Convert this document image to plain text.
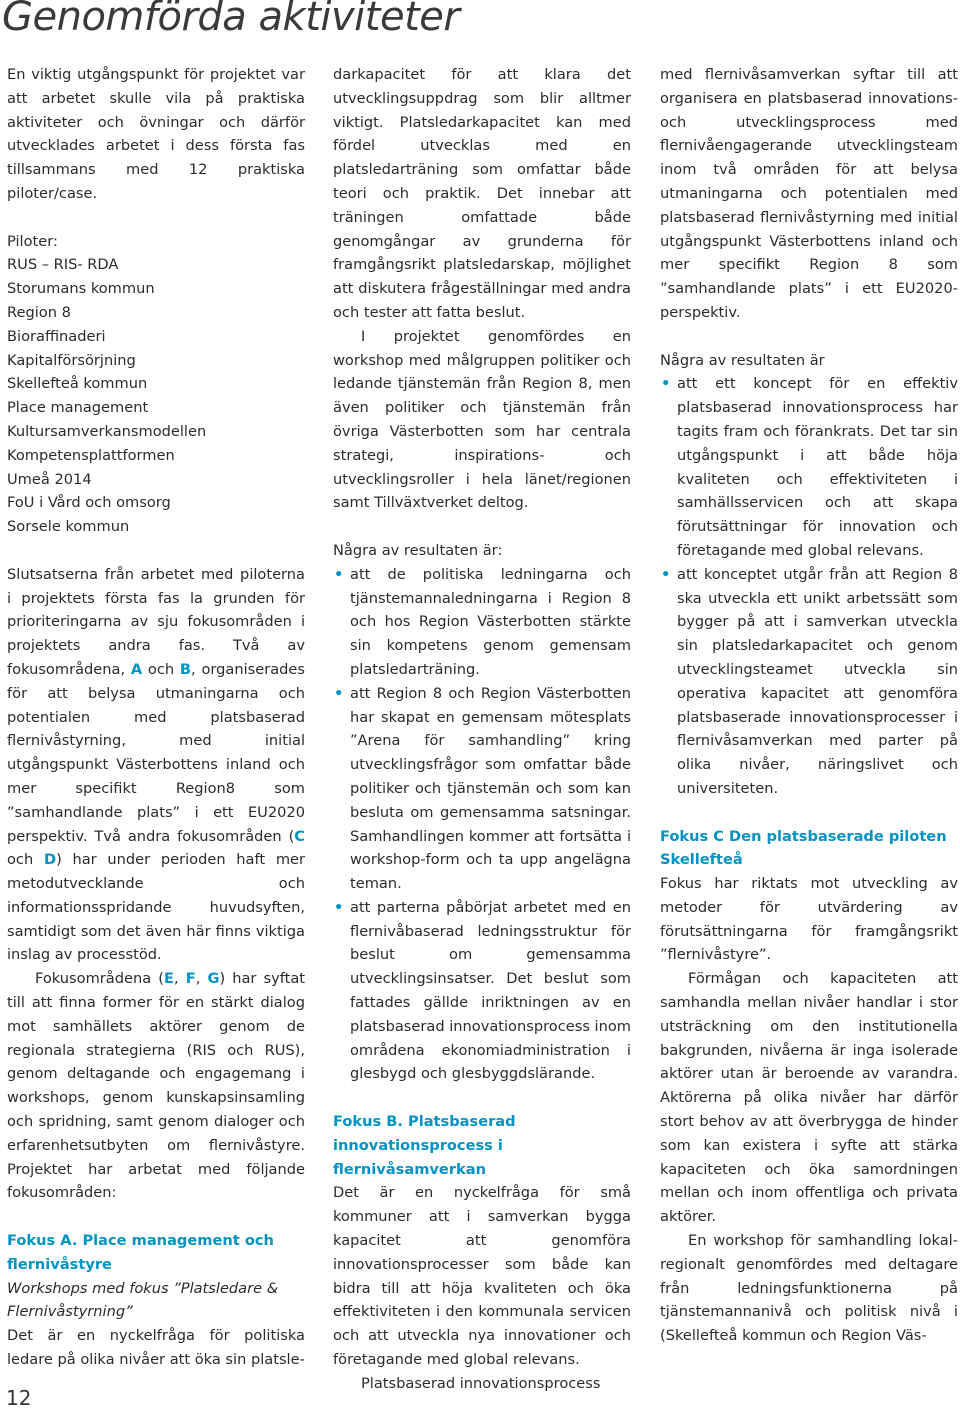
Genomförda aktiviteter

En viktig utgångspunkt för projektet var att arbetet skulle vila på praktiska aktiviteter och övningar och därför utvecklades arbetet i dess första fas tillsammans med 12 praktiska piloter/case.

Piloter:

RUS – RIS- RDA

Storumans kommun

Region 8

Bioraffinaderi

Kapitalförsörjning

Skellefteå kommun

Place management

Kultursamverkansmodellen

Kompetensplattformen

Umeå 2014

FoU i Vård och omsorg

Sorsele kommun

Slutsatserna från arbetet med piloterna i projektets första fas la grunden för prioriteringarna av sju fokusområden i projektets andra fas. Två av fokusområdena, A och B, organiserades för att belysa utmaningarna och potentialen med platsbaserad flernivåstyrning, med initial utgångspunkt Västerbottens inland och mer specifikt Region8 som ”samhandlande plats” i ett EU2020 perspektiv. Två andra fokusområden (C och D) har under perioden haft mer metodutvecklande och informationsspridande huvudsyften, samtidigt som det även här finns viktiga inslag av processtöd.

Fokusområdena (E, F, G) har syftat till att finna former för en stärkt dialog mot samhällets aktörer genom de regionala strategierna (RIS och RUS), genom deltagande och engagemang i workshops, genom kunskapsinsamling och spridning, samt genom dialoger och erfarenhetsutbyten om flernivåstyre. Projektet har arbetat med följande fokusområden:

Fokus A. Place management och flernivåstyre

Workshops med fokus ”Platsledare & Flernivåstyrning”

Det är en nyckelfråga för politiska ledare på olika nivåer att öka sin platsle-

darkapacitet för att klara det utvecklingsuppdrag som blir alltmer viktigt. Platsledarkapacitet kan med fördel utvecklas med en platsledarträning som omfattar både teori och praktik. Det innebar att träningen omfattade både genomgångar av grunderna för framgångsrikt platsledarskap, möjlighet att diskutera frågeställningar med andra och tester att fatta beslut.

I projektet genomfördes en workshop med målgruppen politiker och ledande tjänstemän från Region 8, men även politiker och tjänstemän från övriga Västerbotten som har centrala strategi, inspirations- och utvecklingsroller i hela länet/regionen samt Tillväxtverket deltog.

Några av resultaten är:

• att de politiska ledningarna och tjänstemannaledningarna i Region 8 och hos Region Västerbotten stärkte sin kompetens genom gemensam platsledarträning.
• att Region 8 och Region Västerbotten har skapat en gemensam mötesplats ”Arena för samhandling” kring utvecklingsfrågor som omfattar både politiker och tjänstemän och som kan besluta om gemensamma satsningar. Samhandlingen kommer att fortsätta i workshop-form och ta upp angelägna teman.
• att parterna påbörjat arbetet med en flernivåbaserad ledningsstruktur för beslut om gemensamma utvecklingsinsatser. Det beslut som fattades gällde inriktningen av en platsbaserad innovationsprocess inom områdena ekonomiadministration i glesbygd och glesbyggdslärande.

Fokus B. Platsbaserad innovationsprocess i flernivåsamverkan

Det är en nyckelfråga för små kommuner att i samverkan bygga kapacitet att genomföra innovationsprocesser som både kan bidra till att höja kvaliteten och öka effektiviteten i den kommunala servicen och att utveckla nya innovationer och företagande med global relevans.

Platsbaserad innovationsprocess

med flernivåsamverkan syftar till att organisera en platsbaserad innovations- och utvecklingsprocess med flernivåengagerande utvecklingsteam inom två områden för att belysa utmaningarna och potentialen med platsbaserad flernivåstyrning med initial utgångspunkt Västerbottens inland och mer specifikt Region 8 som ”samhandlande plats” i ett EU2020-perspektiv.

Några av resultaten är

• att ett koncept för en effektiv platsbaserad innovationsprocess har tagits fram och förankrats. Det tar sin utgångspunkt i att både höja kvaliteten och effektiviteten i samhällsservicen och att skapa förutsättningar för innovation och företagande med global relevans.
• att konceptet utgår från att Region 8 ska utveckla ett unikt arbetssätt som bygger på att i samverkan utveckla sin platsledarkapacitet och genom utvecklingsteamet utveckla sin operativa kapacitet att genomföra platsbaserade innovationsprocesser i flernivåsamverkan med parter på olika nivåer, näringslivet och universiteten.

Fokus C Den platsbaserade piloten Skellefteå

Fokus har riktats mot utveckling av metoder för utvärdering av förutsättningarna för framgångsrikt ”flernivåstyre”.

Förmågan och kapaciteten att samhandla mellan nivåer handlar i stor utsträckning om den institutionella bakgrunden, nivåerna är inga isolerade aktörer utan är beroende av varandra. Aktörerna på olika nivåer har därför stort behov av att överbrygga de hinder som kan existera i syfte att stärka kapaciteten och öka samordningen mellan och inom offentliga och privata aktörer.

En workshop för samhandling lokal-regionalt genomfördes med deltagare från ledningsfunktionerna på tjänstemannanivå och politisk nivå i (Skellefteå kommun och Region Väs-

12
